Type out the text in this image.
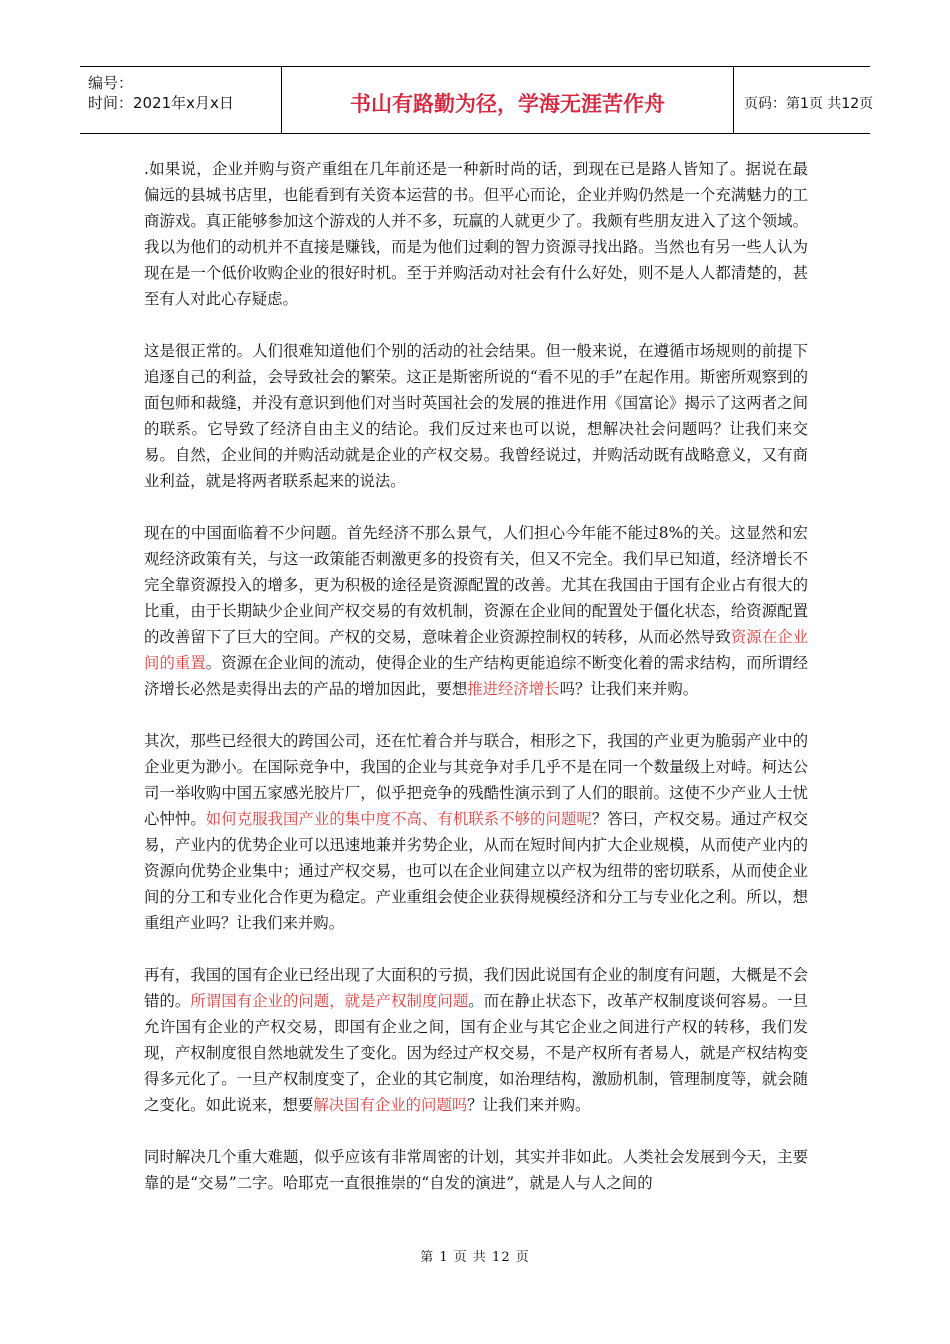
编号：
时间：2021年x月x日	书山有路勤为径，学海无涯苦作舟	页码：第1页 共12页

.如果说，企业并购与资产重组在几年前还是一种新时尚的话，到现在已是路人皆知了。据说在最偏远的县城书店里，也能看到有关资本运营的书。但平心而论，企业并购仍然是一个充满魅力的工商游戏。真正能够参加这个游戏的人并不多，玩赢的人就更少了。我颇有些朋友进入了这个领域。我以为他们的动机并不直接是赚钱，而是为他们过剩的智力资源寻找出路。当然也有另一些人认为现在是一个低价收购企业的很好时机。至于并购活动对社会有什么好处，则不是人人都清楚的，甚至有人对此心存疑虑。

这是很正常的。人们很难知道他们个别的活动的社会结果。但一般来说，在遵循市场规则的前提下追逐自己的利益，会导致社会的繁荣。这正是斯密所说的“看不见的手”在起作用。斯密所观察到的面包师和裁缝，并没有意识到他们对当时英国社会的发展的推进作用《国富论》揭示了这两者之间的联系。它导致了经济自由主义的结论。我们反过来也可以说，想解决社会问题吗？让我们来交易。自然，企业间的并购活动就是企业的产权交易。我曾经说过，并购活动既有战略意义，又有商业利益，就是将两者联系起来的说法。

现在的中国面临着不少问题。首先经济不那么景气，人们担心今年能不能过8%的关。这显然和宏观经济政策有关，与这一政策能否刺激更多的投资有关，但又不完全。我们早已知道，经济增长不完全靠资源投入的增多，更为积极的途径是资源配置的改善。尤其在我国由于国有企业占有很大的比重，由于长期缺少企业间产权交易的有效机制，资源在企业间的配置处于僵化状态，给资源配置的改善留下了巨大的空间。产权的交易，意味着企业资源控制权的转移，从而必然导致资源在企业间的重置。资源在企业间的流动，使得企业的生产结构更能追综不断变化着的需求结构，而所谓经济增长必然是卖得出去的产品的增加因此，要想推进经济增长吗？让我们来并购。

其次，那些已经很大的跨国公司，还在忙着合并与联合，相形之下，我国的产业更为脆弱产业中的企业更为渺小。在国际竞争中，我国的企业与其竞争对手几乎不是在同一个数量级上对峙。柯达公司一举收购中国五家感光胶片厂，似乎把竞争的残酷性演示到了人们的眼前。这使不少产业人士忧心忡忡。如何克服我国产业的集中度不高、有机联系不够的问题呢？答曰，产权交易。通过产权交易，产业内的优势企业可以迅速地兼并劣势企业，从而在短时间内扩大企业规模，从而使产业内的资源向优势企业集中；通过产权交易，也可以在企业间建立以产权为纽带的密切联系，从而使企业间的分工和专业化合作更为稳定。产业重组会使企业获得规模经济和分工与专业化之利。所以，想重组产业吗？让我们来并购。

再有，我国的国有企业已经出现了大面积的亏损，我们因此说国有企业的制度有问题，大概是不会错的。所谓国有企业的问题，就是产权制度问题。而在静止状态下，改革产权制度谈何容易。一旦允许国有企业的产权交易，即国有企业之间，国有企业与其它企业之间进行产权的转移，我们发现，产权制度很自然地就发生了变化。因为经过产权交易，不是产权所有者易人，就是产权结构变得多元化了。一旦产权制度变了，企业的其它制度，如治理结构，激励机制，管理制度等，就会随之变化。如此说来，想要解决国有企业的问题吗？让我们来并购。

同时解决几个重大难题，似乎应该有非常周密的计划，其实并非如此。人类社会发展到今天，主要靠的是“交易”二字。哈耶克一直很推崇的“自发的演进”，就是人与人之间的

第 1 页 共 12 页
